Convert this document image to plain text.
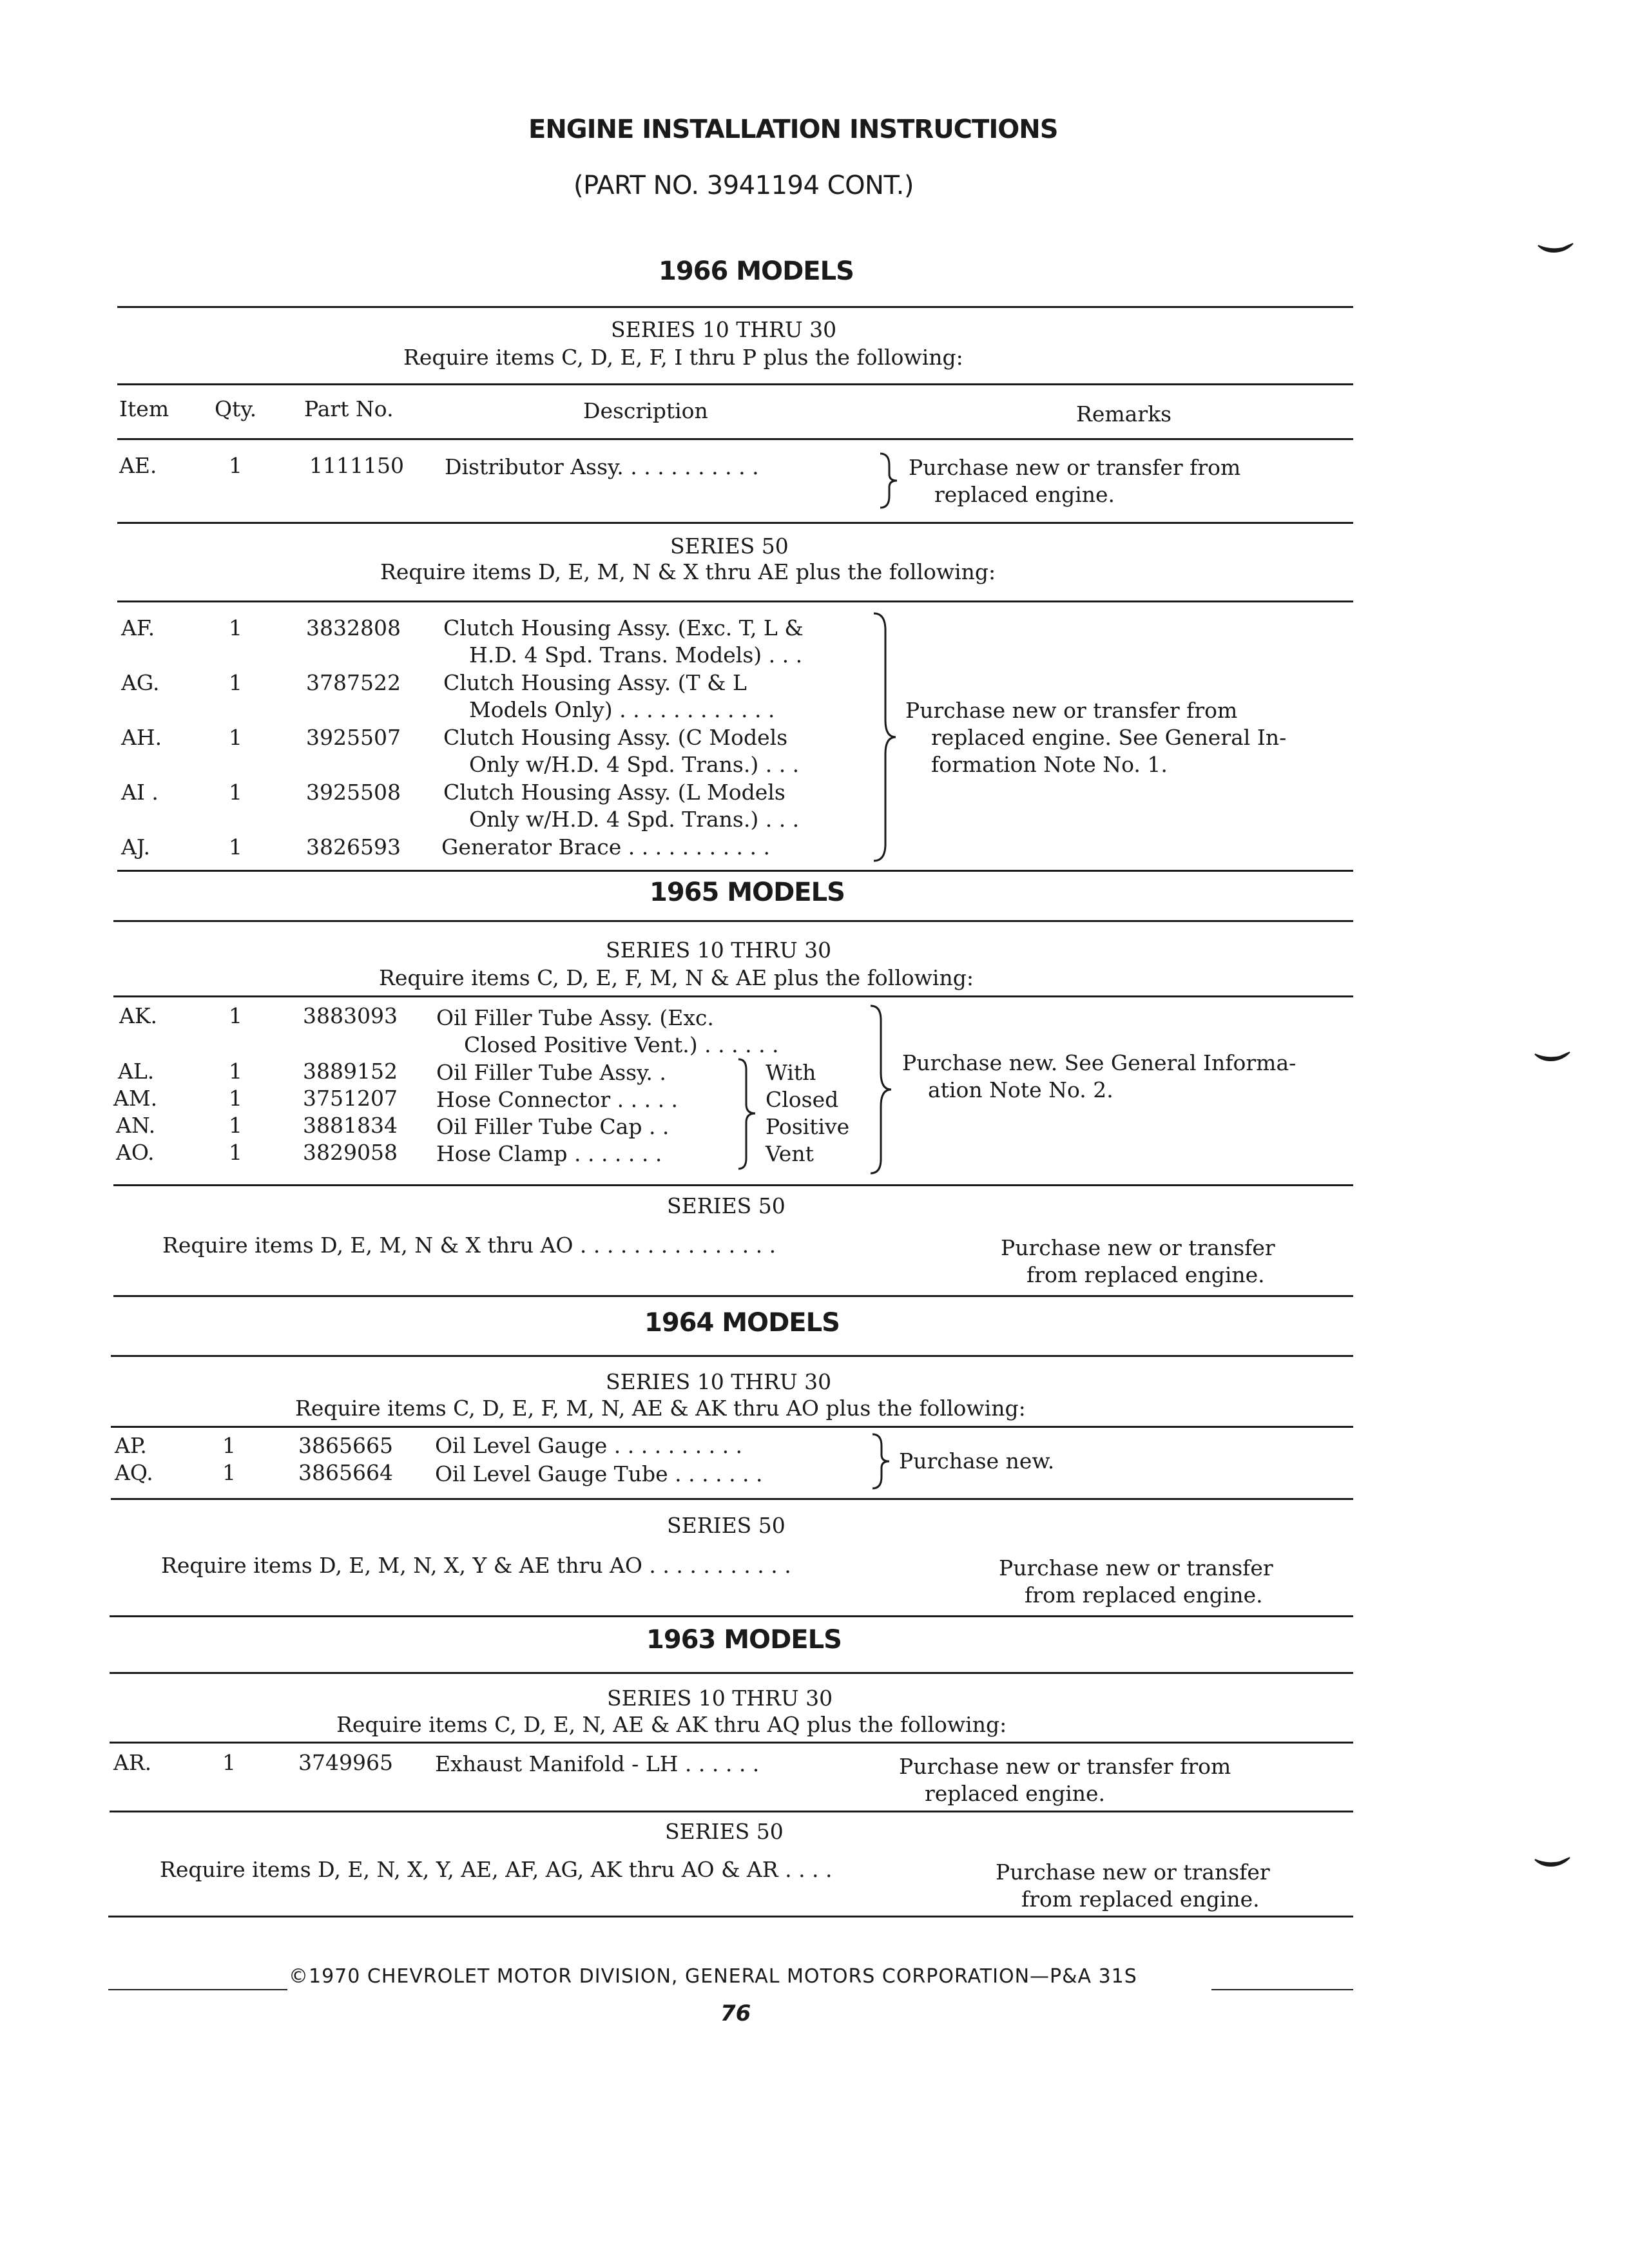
ENGINE INSTALLATION INSTRUCTIONS
(PART NO. 3941194 CONT.)
1966 MODELS
SERIES 10 THRU 30
Require items C, D, E, F, I thru P plus the following:
Item Qty. Part No.	Description	Remarks
AE.	1	1111150 Distributor Assy. . . . . . . . . . .	Purchase new or transfer from
replaced engine.
SERIES 50
Require items D, E, M, N & X thru AE plus the following:
AF.	1	3832808 Clutch Housing Assy. (Exc. T, L &
H.D. 4 Spd. Trans. Models) . . .
AG.	1	3787522 Clutch Housing Assy. (T & L
Models Only) . . . . . . . . . . . .
AH.	1	3925507 Clutch Housing Assy. (C Models
Only w/H.D. 4 Spd. Trans.) . . .
AI .	1	3925508 Clutch Housing Assy. (L Models
Only w/H.D. 4 Spd. Trans.) . . .
AJ.	1	3826593 Generator Brace . . . . . . . . . . .
Purchase new or transfer from
replaced engine. See General In-
formation Note No. 1.
1965 MODELS
SERIES 10 THRU 30
Require items C, D, E, F, M, N & AE plus the following:
AK.	1	3883093 Oil Filler Tube Assy. (Exc.
Closed Positive Vent.) . . . . . .
AL.	1	3889152 Oil Filler Tube Assy. .
AM.	1	3751207 Hose Connector . . . . .
AN.	1	3881834 Oil Filler Tube Cap . .
AO.	1	3829058 Hose Clamp . . . . . . .
With
Closed
Positive
Vent
Purchase new. See General Informa-
ation Note No. 2.
SERIES 50
Require items D, E, M, N & X thru AO . . . . . . . . . . . . . . .	Purchase new or transfer
from replaced engine.
1964 MODELS
SERIES 10 THRU 30
Require items C, D, E, F, M, N, AE & AK thru AO plus the following:
AP.	1	3865665 Oil Level Gauge . . . . . . . . . .
AQ.	1	3865664 Oil Level Gauge Tube . . . . . . .
Purchase new.
SERIES 50
Require items D, E, M, N, X, Y & AE thru AO . . . . . . . . . . .	Purchase new or transfer
from replaced engine.
1963 MODELS
SERIES 10 THRU 30
Require items C, D, E, N, AE & AK thru AQ plus the following:
AR.	1	3749965 Exhaust Manifold - LH . . . . . .	Purchase new or transfer from
replaced engine.
SERIES 50
Require items D, E, N, X, Y, AE, AF, AG, AK thru AO & AR . . . .	Purchase new or transfer
from replaced engine.
©1970 CHEVROLET MOTOR DIVISION, GENERAL MOTORS CORPORATION—P&A 31S
76
